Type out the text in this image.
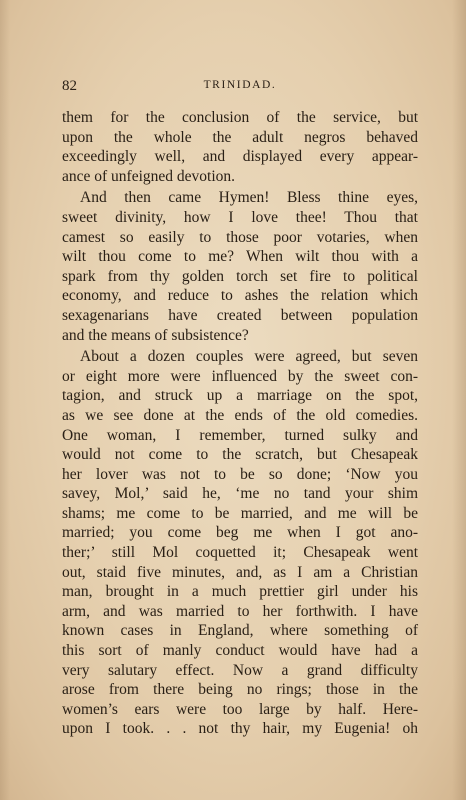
82	TRINIDAD.
them for the conclusion of the service, but
upon the whole the adult negros behaved
exceedingly well, and displayed every appear-
ance of unfeigned devotion.
And then came Hymen! Bless thine eyes,
sweet divinity, how I love thee! Thou that
camest so easily to those poor votaries, when
wilt thou come to me? When wilt thou with a
spark from thy golden torch set fire to political
economy, and reduce to ashes the relation which
sexagenarians have created between population
and the means of subsistence?
About a dozen couples were agreed, but seven
or eight more were influenced by the sweet con-
tagion, and struck up a marriage on the spot,
as we see done at the ends of the old comedies.
One woman, I remember, turned sulky and
would not come to the scratch, but Chesapeak
her lover was not to be so done; ‘Now you
savey, Mol,’ said he, ‘me no tand your shim
shams; me come to be married, and me will be
married; you come beg me when I got ano-
ther;’ still Mol coquetted it; Chesapeak went
out, staid five minutes, and, as I am a Christian
man, brought in a much prettier girl under his
arm, and was married to her forthwith. I have
known cases in England, where something of
this sort of manly conduct would have had a
very salutary effect. Now a grand difficulty
arose from there being no rings; those in the
women’s ears were too large by half. Here-
upon I took. . . not thy hair, my Eugenia! oh
